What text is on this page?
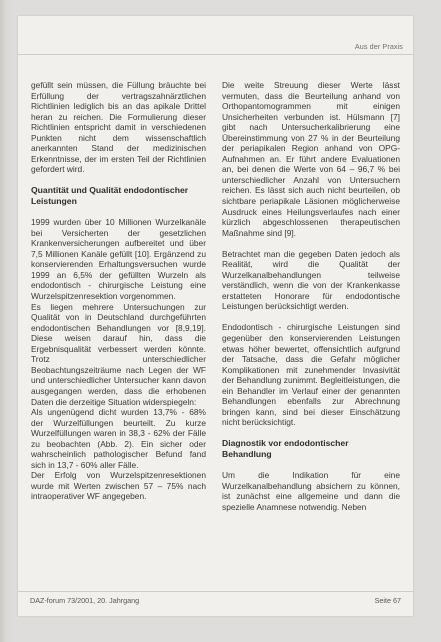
Aus der Praxis

gefüllt sein müssen, die Füllung bräuchte bei Erfüllung der vertragszahnärztlichen Richtlinien lediglich bis an das apikale Drittel heran zu reichen. Die Formulierung dieser Richtlinien entspricht damit in verschiedenen Punkten nicht dem wissenschaftlich anerkannten Stand der medizinischen Erkenntnisse, der im ersten Teil der Richtlinien gefordert wird.

Quantität und Qualität endodontischer Leistungen

1999 wurden über 10 Millionen Wurzelkanäle bei Versicherten der gesetzlichen Krankenversicherungen aufbereitet und über 7,5 Millionen Kanäle gefüllt [10]. Ergänzend zu konservierenden Erhaltungsversuchen wurde 1999 an 6,5% der gefüllten Wurzeln als endodontisch - chirurgische Leistung eine Wurzelspitzenresektion vorgenommen.

Es liegen mehrere Untersuchungen zur Qualität von in Deutschland durchgeführten endodontischen Behandlungen vor [8,9,19]. Diese weisen darauf hin, dass die Ergebnisqualität verbessert werden könnte. Trotz unterschiedlicher Beobachtungszeiträume nach Legen der WF und unterschiedlicher Untersucher kann davon ausgegangen werden, dass die erhobenen Daten die derzeitige Situation widerspiegeln:

Als ungenügend dicht wurden 13,7% - 68% der Wurzelfüllungen beurteilt. Zu kurze Wurzelfüllungen waren in 38,3 - 62% der Fälle zu beobachten (Abb. 2). Ein sicher oder wahrscheinlich pathologischer Befund fand sich in 13,7 - 60% aller Fälle.

Der Erfolg von Wurzelspitzenresektionen wurde mit Werten zwischen 57 – 75% nach intraoperativer WF angegeben.

Die weite Streuung dieser Werte lässt vermuten, dass die Beurteilung anhand von Orthopantomogrammen mit einigen Unsicherheiten verbunden ist. Hülsmann [7] gibt nach Untersucherkalibrierung eine Übereinstimmung von 27 % in der Beurteilung der periapikalen Region anhand von OPG-Aufnahmen an. Er führt andere Evaluationen an, bei denen die Werte von 64 – 96,7 % bei unterschiedlicher Anzahl von Untersuchern reichen. Es lässt sich auch nicht beurteilen, ob sichtbare periapikale Läsionen möglicherweise Ausdruck eines Heilungsverlaufes nach einer kürzlich abgeschlossenen therapeutischen Maßnahme sind [9].

Betrachtet man die gegeben Daten jedoch als Realität, wird die Qualität der Wurzelkanalbehandlungen teilweise verständlich, wenn die von der Krankenkasse erstatteten Honorare für endodontische Leistungen berücksichtigt werden.

Endodontisch - chirurgische Leistungen sind gegenüber den konservierenden Leistungen etwas höher bewertet, offensichtlich aufgrund der Tatsache, dass die Gefahr möglicher Komplikationen mit zunehmender Invasivität der Behandlung zunimmt. Begleitleistungen, die ein Behandler im Verlauf einer der genannten Behandlungen ebenfalls zur Abrechnung bringen kann, sind bei dieser Einschätzung nicht berücksichtigt.

Diagnostik vor endodontischer Behandlung

Um die Indikation für eine Wurzelkanalbehandlung absichern zu können, ist zunächst eine allgemeine und dann die spezielle Anamnese notwendig. Neben

DAZ-forum 73/2001, 20. Jahrgang	Seite 67
